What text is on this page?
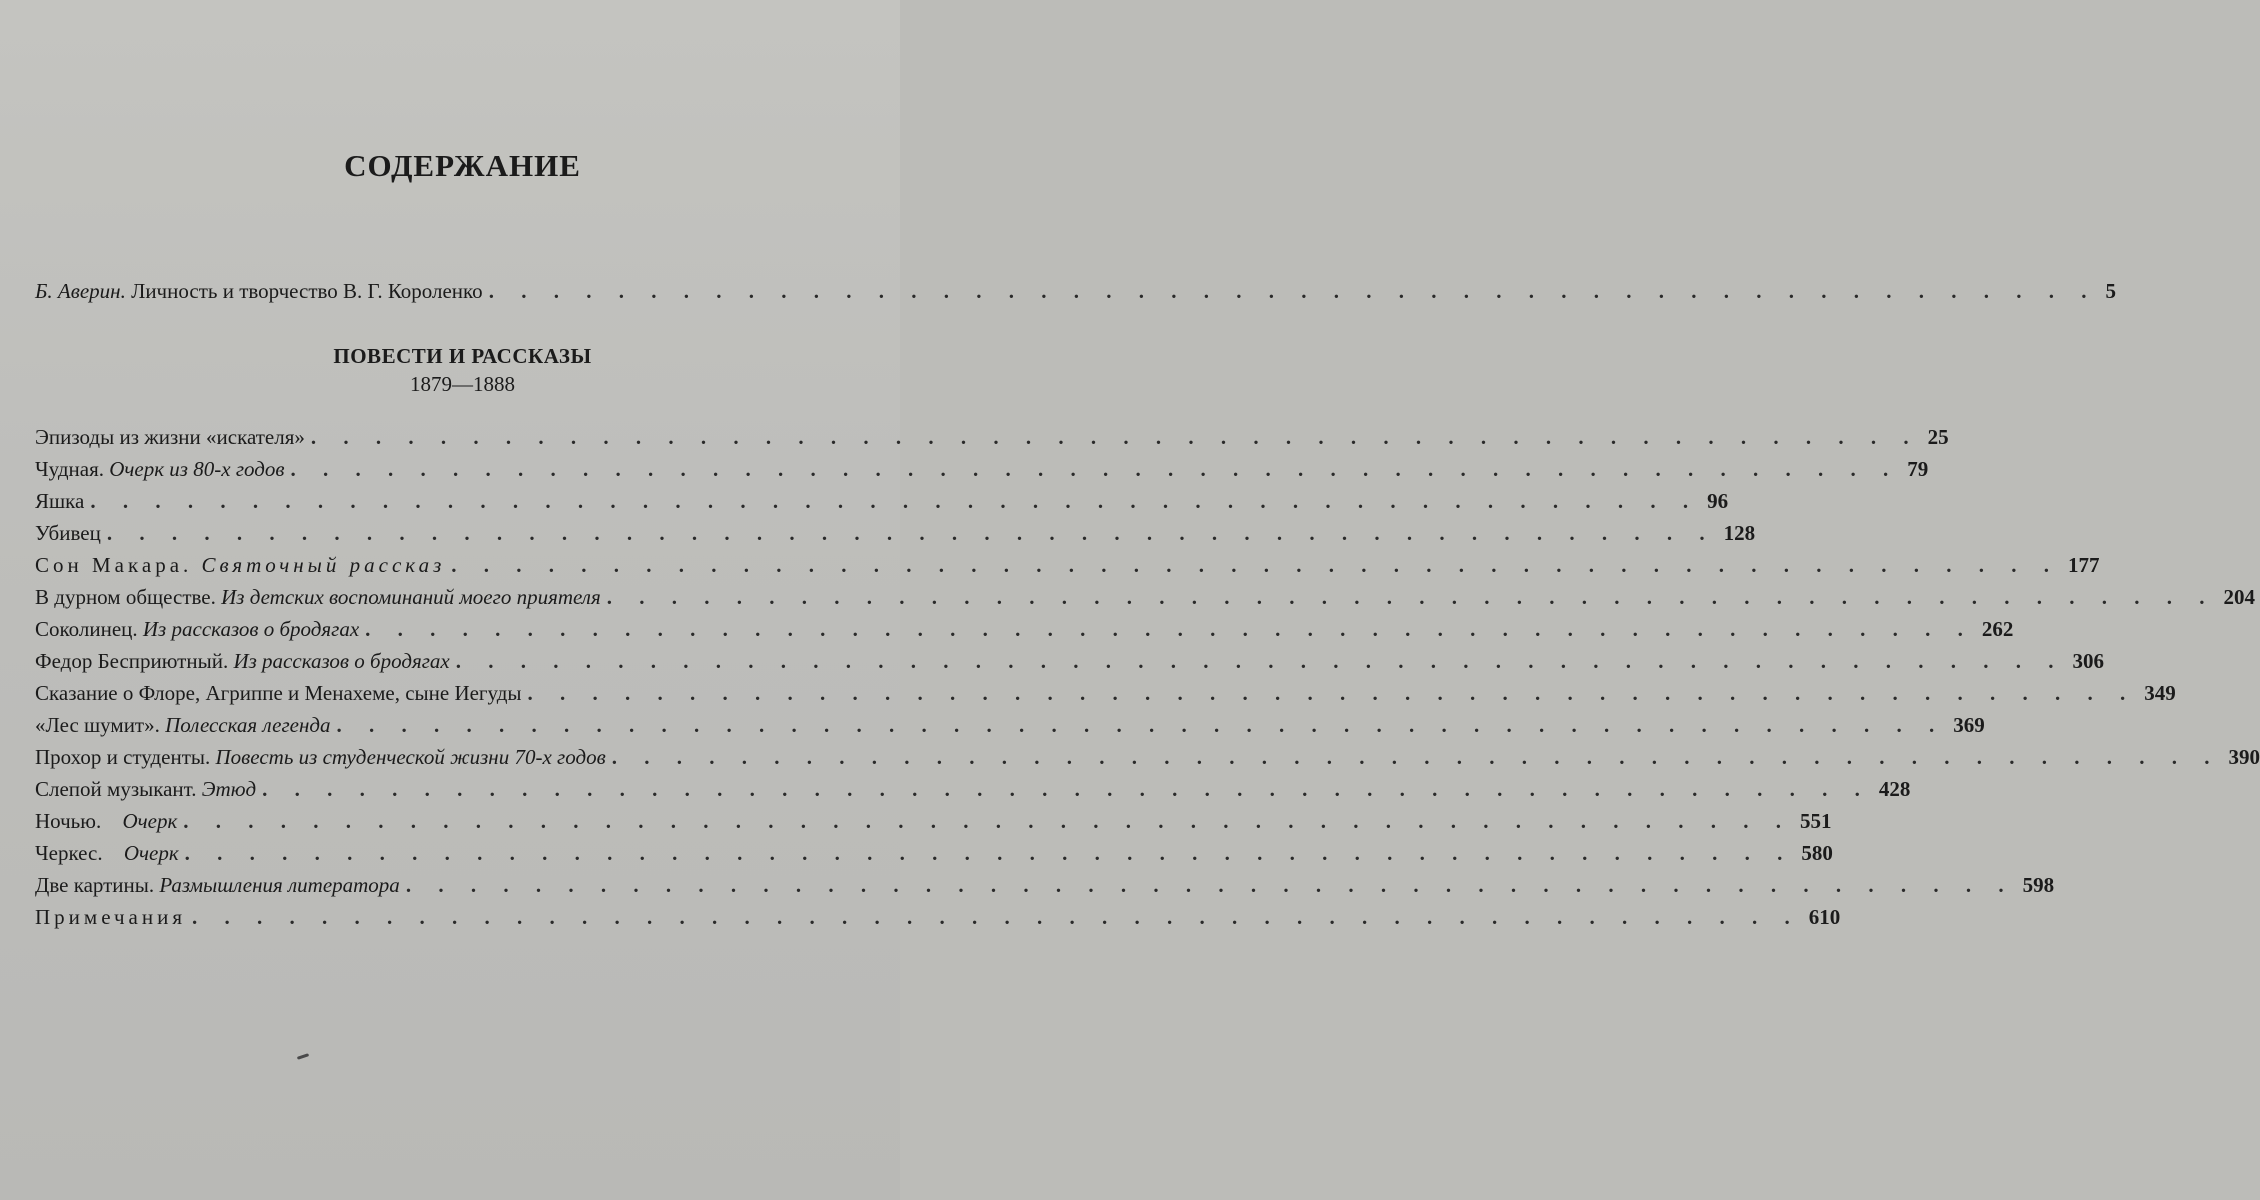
СОДЕРЖАНИЕ
Б. Аверин. Личность и творчество В. Г. Короленко . . . . . . . . . . . . . . . . . . . . . . . . . . . . . . . . . . . . . . . . . . . . . . . . . . 5
ПОВЕСТИ И РАССКАЗЫ
1879—1888
Эпизоды из жизни «искателя» . . . . . . . . . . . . . . . . . . . . . . . . . . . . . . . . . . . . . . . . . . . . . . . . . . 25
Чудная. Очерк из 80-х годов . . . . . . . . . . . . . . . . . . . . . . . . . . . . . . . . . . . . . . . . . . . . . . . . . . 79
Яшка . . . . . . . . . . . . . . . . . . . . . . . . . . . . . . . . . . . . . . . . . . . . . . . . . . 96
Убивец . . . . . . . . . . . . . . . . . . . . . . . . . . . . . . . . . . . . . . . . . . . . . . . . . . 128
Сон Макара. Святочный рассказ . . . . . . . . . . . . . . . . . . . . . . . . . . . . . . . . . . . . . . . . . . . . . . . . . . 177
В дурном обществе. Из детских воспоминаний моего приятеля . . . . . . . . . . . . . . . . . . . . . . . . . . . . . . . . . . . . . . . . . . . . . . . . . . 204
Соколинец. Из рассказов о бродягах . . . . . . . . . . . . . . . . . . . . . . . . . . . . . . . . . . . . . . . . . . . . . . . . . . 262
Федор Бесприютный. Из рассказов о бродягах . . . . . . . . . . . . . . . . . . . . . . . . . . . . . . . . . . . . . . . . . . . . . . . . . . 306
Сказание о Флоре, Агриппе и Менахеме, сыне Иегуды . . . . . . . . . . . . . . . . . . . . . . . . . . . . . . . . . . . . . . . . . . . . . . . . . . 349
«Лес шумит». Полесская легенда . . . . . . . . . . . . . . . . . . . . . . . . . . . . . . . . . . . . . . . . . . . . . . . . . . 369
Прохор и студенты. Повесть из студенческой жизни 70-х годов . . . . . . . . . . . . . . . . . . . . . . . . . . . . . . . . . . . . . . . . . . . . . . . . . . 390
Слепой музыкант. Этюд . . . . . . . . . . . . . . . . . . . . . . . . . . . . . . . . . . . . . . . . . . . . . . . . . . 428
Ночью. Очерк . . . . . . . . . . . . . . . . . . . . . . . . . . . . . . . . . . . . . . . . . . . . . . . . . . 551
Черкес. Очерк . . . . . . . . . . . . . . . . . . . . . . . . . . . . . . . . . . . . . . . . . . . . . . . . . . 580
Две картины. Размышления литератора . . . . . . . . . . . . . . . . . . . . . . . . . . . . . . . . . . . . . . . . . . . . . . . . . . 598
Примечания . . . . . . . . . . . . . . . . . . . . . . . . . . . . . . . . . . . . . . . . . . . . . . . . . . 610
